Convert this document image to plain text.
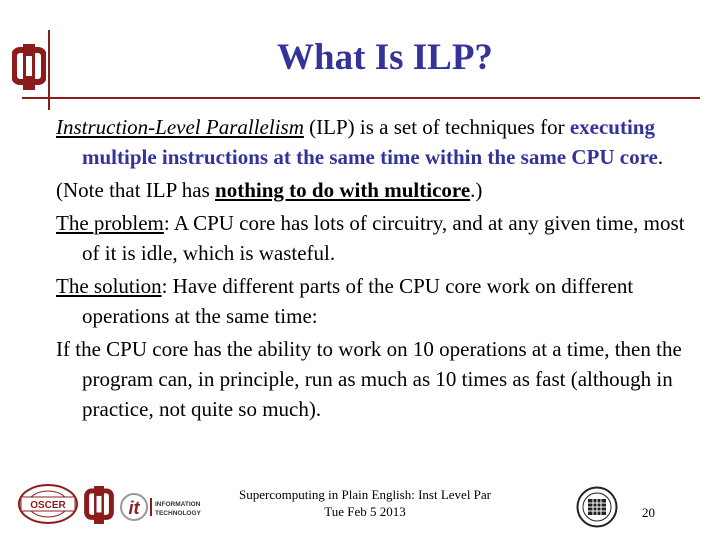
What Is ILP?

Instruction-Level Parallelism (ILP) is a set of techniques for executing multiple instructions at the same time within the same CPU core.

(Note that ILP has nothing to do with multicore.)

The problem: A CPU core has lots of circuitry, and at any given time, most of it is idle, which is wasteful.

The solution: Have different parts of the CPU core work on different operations at the same time:

If the CPU core has the ability to work on 10 operations at a time, then the program can, in principle, run as much as 10 times as fast (although in practice, not quite so much).

OSCER	it INFORMATION
TECHNOLOGY
Supercomputing in Plain English: Inst Level Par
Tue Feb 5 2013	20
